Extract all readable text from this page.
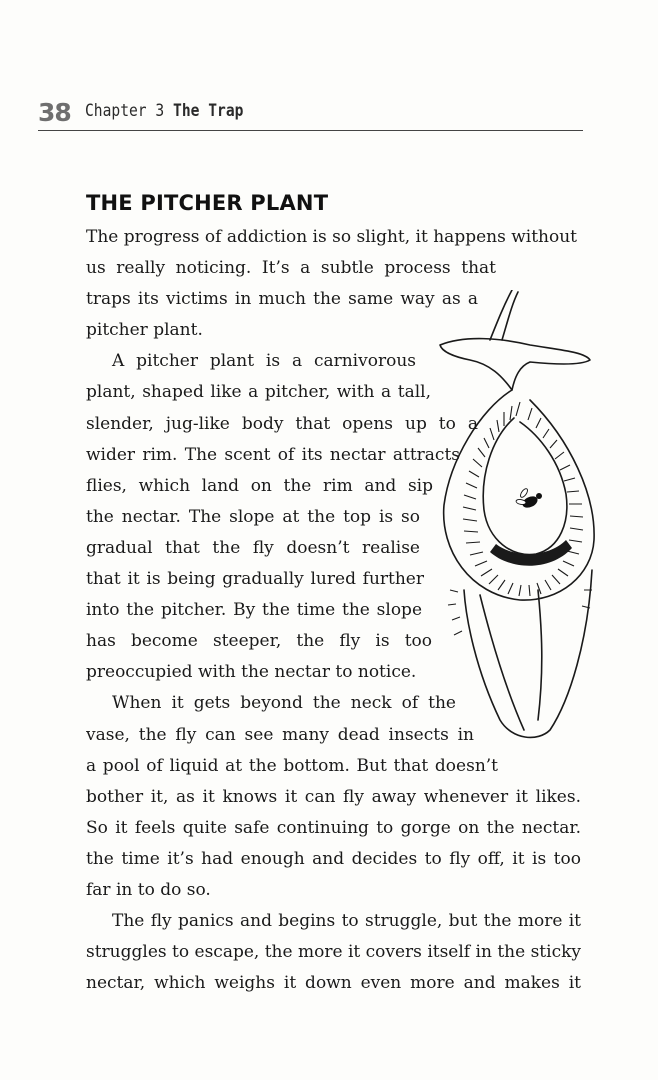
38 Chapter 3 The Trap
THE PITCHER PLANT
The progress of addiction is so slight, it happens without
us really noticing. It’s a subtle process that
traps its victims in much the same way as a
pitcher plant.
A pitcher plant is a carnivorous
plant, shaped like a pitcher, with a tall,
slender, jug-like body that opens up to a
wider rim. The scent of its nectar attracts
flies, which land on the rim and sip
the nectar. The slope at the top is so
gradual that the fly doesn’t realise
that it is being gradually lured further
into the pitcher. By the time the slope
has become steeper, the fly is too
preoccupied with the nectar to notice.
When it gets beyond the neck of the
vase, the fly can see many dead insects in
a pool of liquid at the bottom. But that doesn’t
bother it, as it knows it can fly away whenever it likes.
So it feels quite safe continuing to gorge on the nectar.
the time it’s had enough and decides to fly off, it is too
far in to do so.
The fly panics and begins to struggle, but the more it
struggles to escape, the more it covers itself in the sticky
nectar, which weighs it down even more and makes it
